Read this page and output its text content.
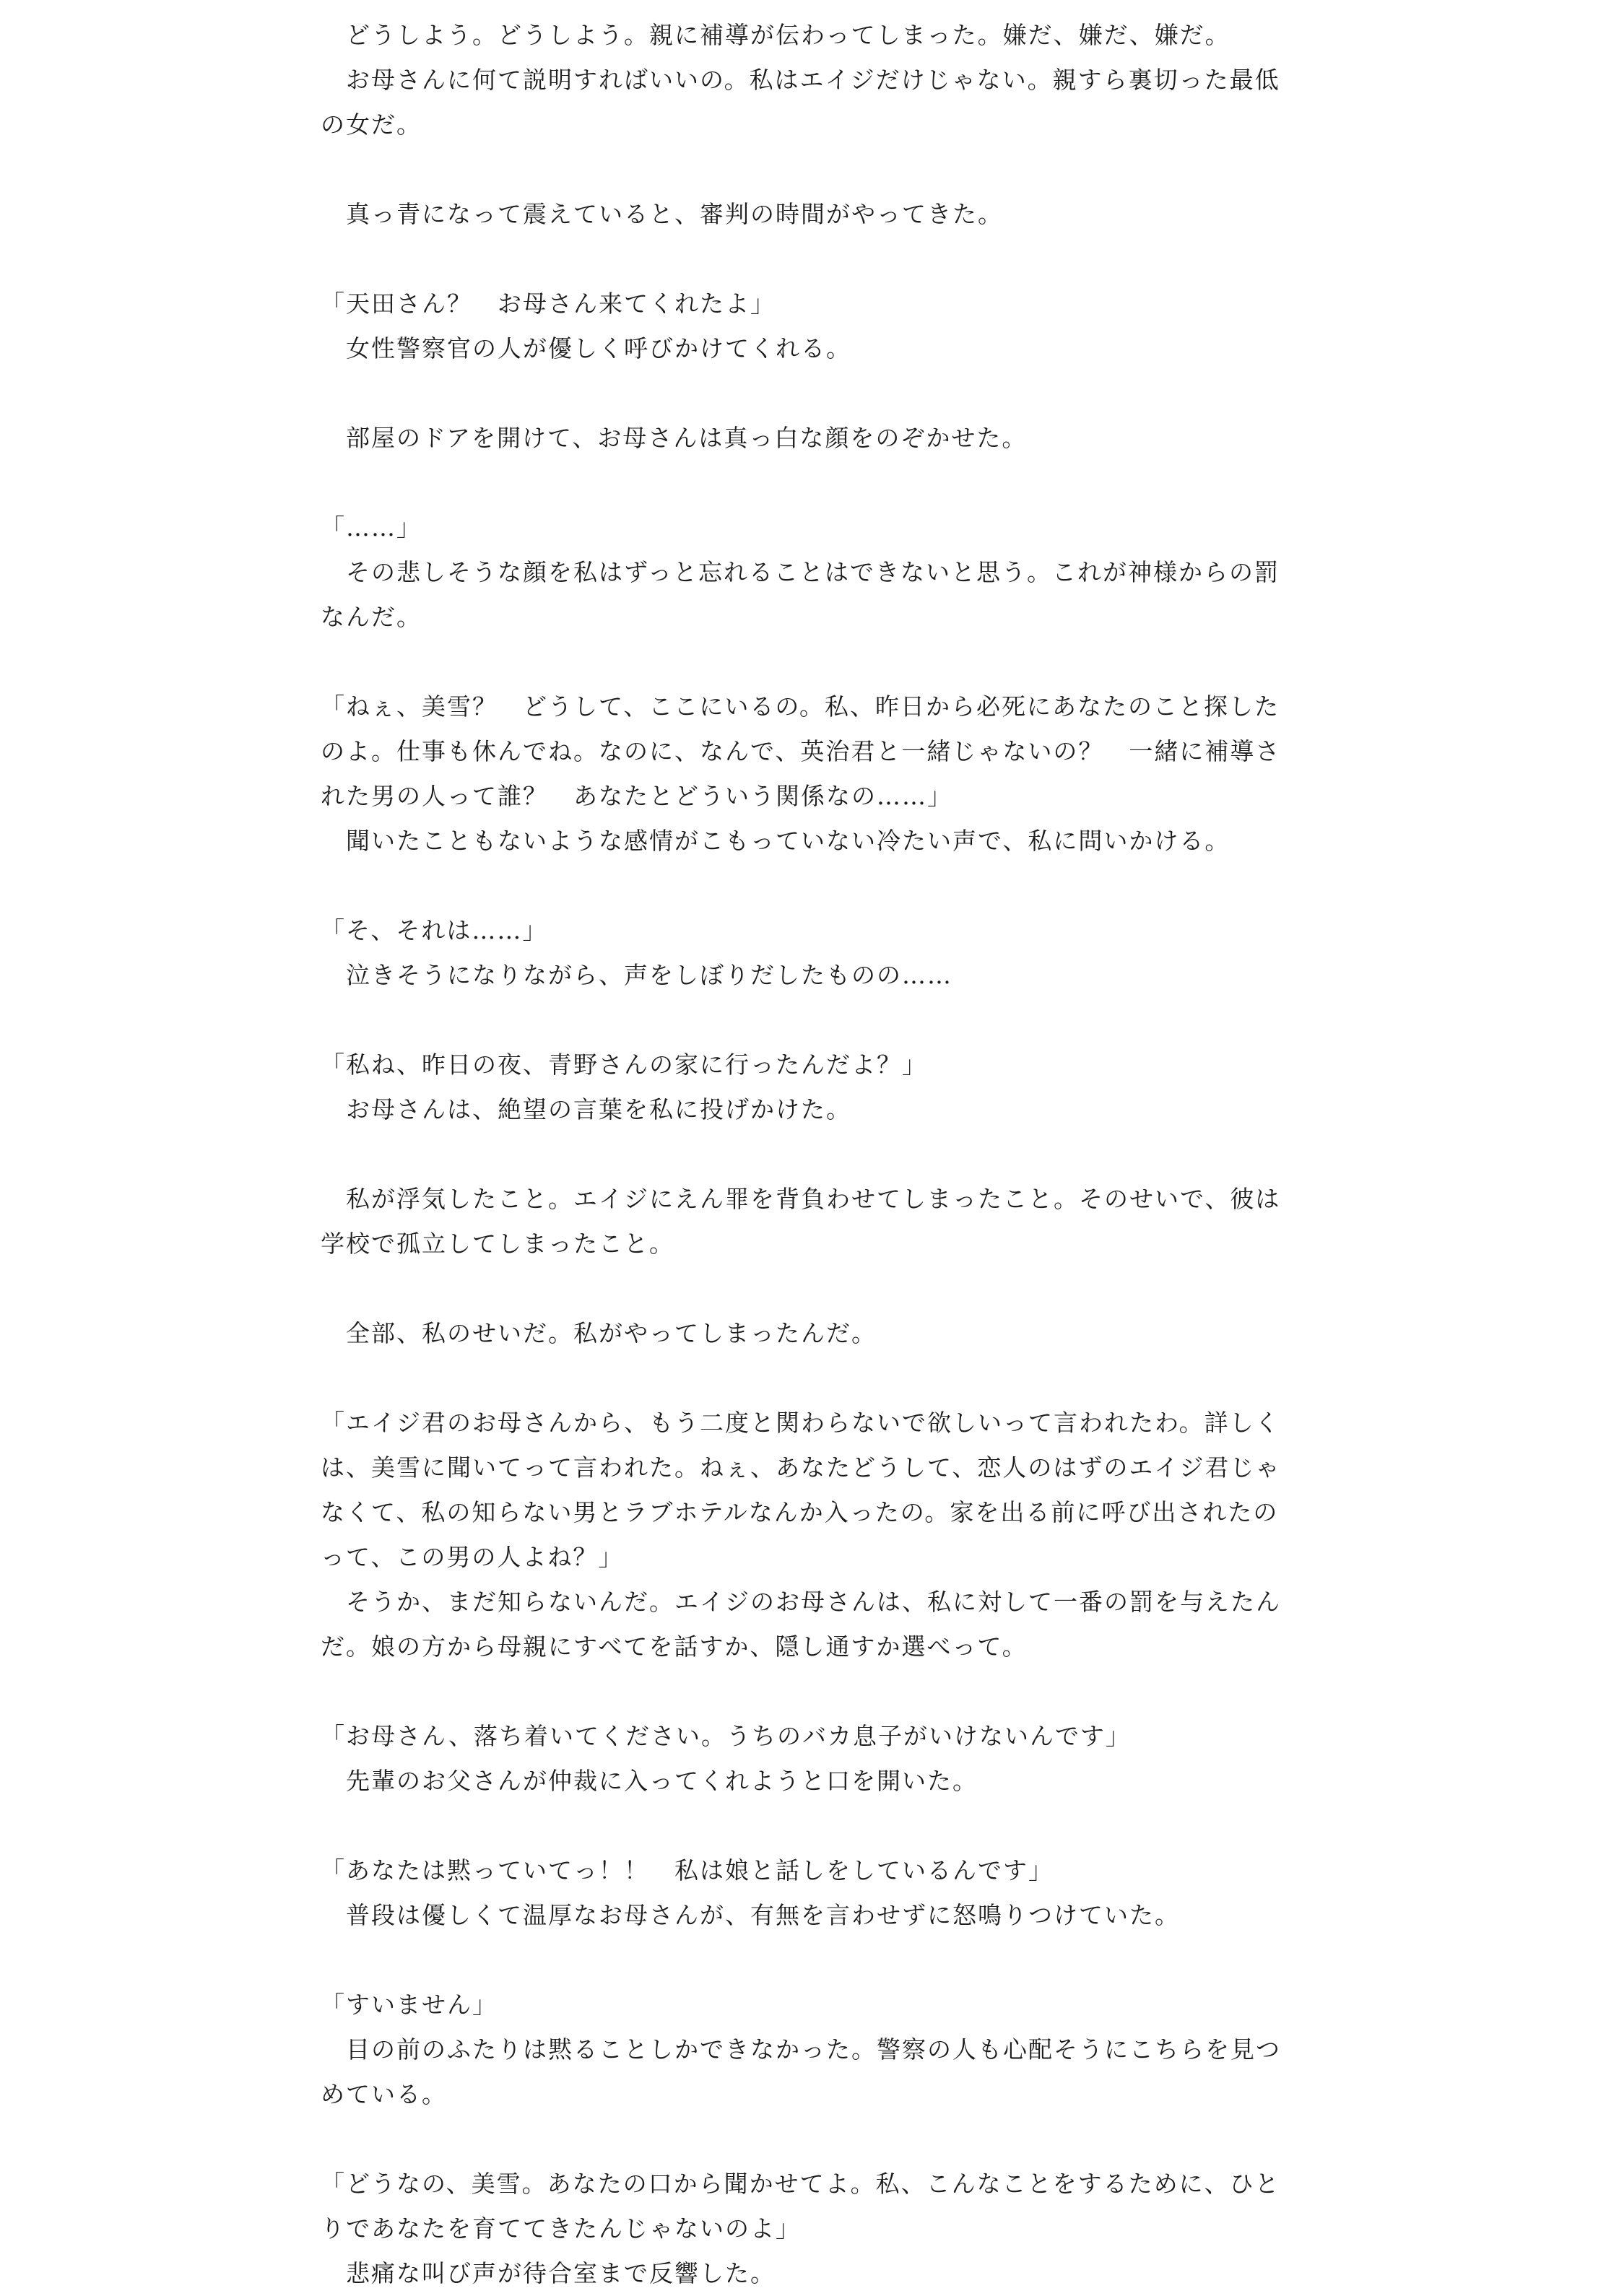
　どうしよう。どうしよう。親に補導が伝わってしまった。嫌だ、嫌だ、嫌だ。
　お母さんに何て説明すればいいの。私はエイジだけじゃない。親すら裏切った最低
の女だ。
　真っ青になって震えていると、審判の時間がやってきた。
「天田さん？　お母さん来てくれたよ」
　女性警察官の人が優しく呼びかけてくれる。
　部屋のドアを開けて、お母さんは真っ白な顔をのぞかせた。
「……」
　その悲しそうな顔を私はずっと忘れることはできないと思う。これが神様からの罰
なんだ。
「ねぇ、美雪？　どうして、ここにいるの。私、昨日から必死にあなたのこと探した
のよ。仕事も休んでね。なのに、なんで、英治君と一緒じゃないの？　一緒に補導さ
れた男の人って誰？　あなたとどういう関係なの……」
　聞いたこともないような感情がこもっていない冷たい声で、私に問いかける。
「そ、それは……」
　泣きそうになりながら、声をしぼりだしたものの……
「私ね、昨日の夜、青野さんの家に行ったんだよ？」
　お母さんは、絶望の言葉を私に投げかけた。
　私が浮気したこと。エイジにえん罪を背負わせてしまったこと。そのせいで、彼は
学校で孤立してしまったこと。
　全部、私のせいだ。私がやってしまったんだ。
「エイジ君のお母さんから、もう二度と関わらないで欲しいって言われたわ。詳しく
は、美雪に聞いてって言われた。ねぇ、あなたどうして、恋人のはずのエイジ君じゃ
なくて、私の知らない男とラブホテルなんか入ったの。家を出る前に呼び出されたの
って、この男の人よね？」
　そうか、まだ知らないんだ。エイジのお母さんは、私に対して一番の罰を与えたん
だ。娘の方から母親にすべてを話すか、隠し通すか選べって。
「お母さん、落ち着いてください。うちのバカ息子がいけないんです」
　先輩のお父さんが仲裁に入ってくれようと口を開いた。
「あなたは黙っていてっ！！　私は娘と話しをしているんです」
　普段は優しくて温厚なお母さんが、有無を言わせずに怒鳴りつけていた。
「すいません」
　目の前のふたりは黙ることしかできなかった。警察の人も心配そうにこちらを見つ
めている。
「どうなの、美雪。あなたの口から聞かせてよ。私、こんなことをするために、ひと
りであなたを育ててきたんじゃないのよ」
　悲痛な叫び声が待合室まで反響した。
